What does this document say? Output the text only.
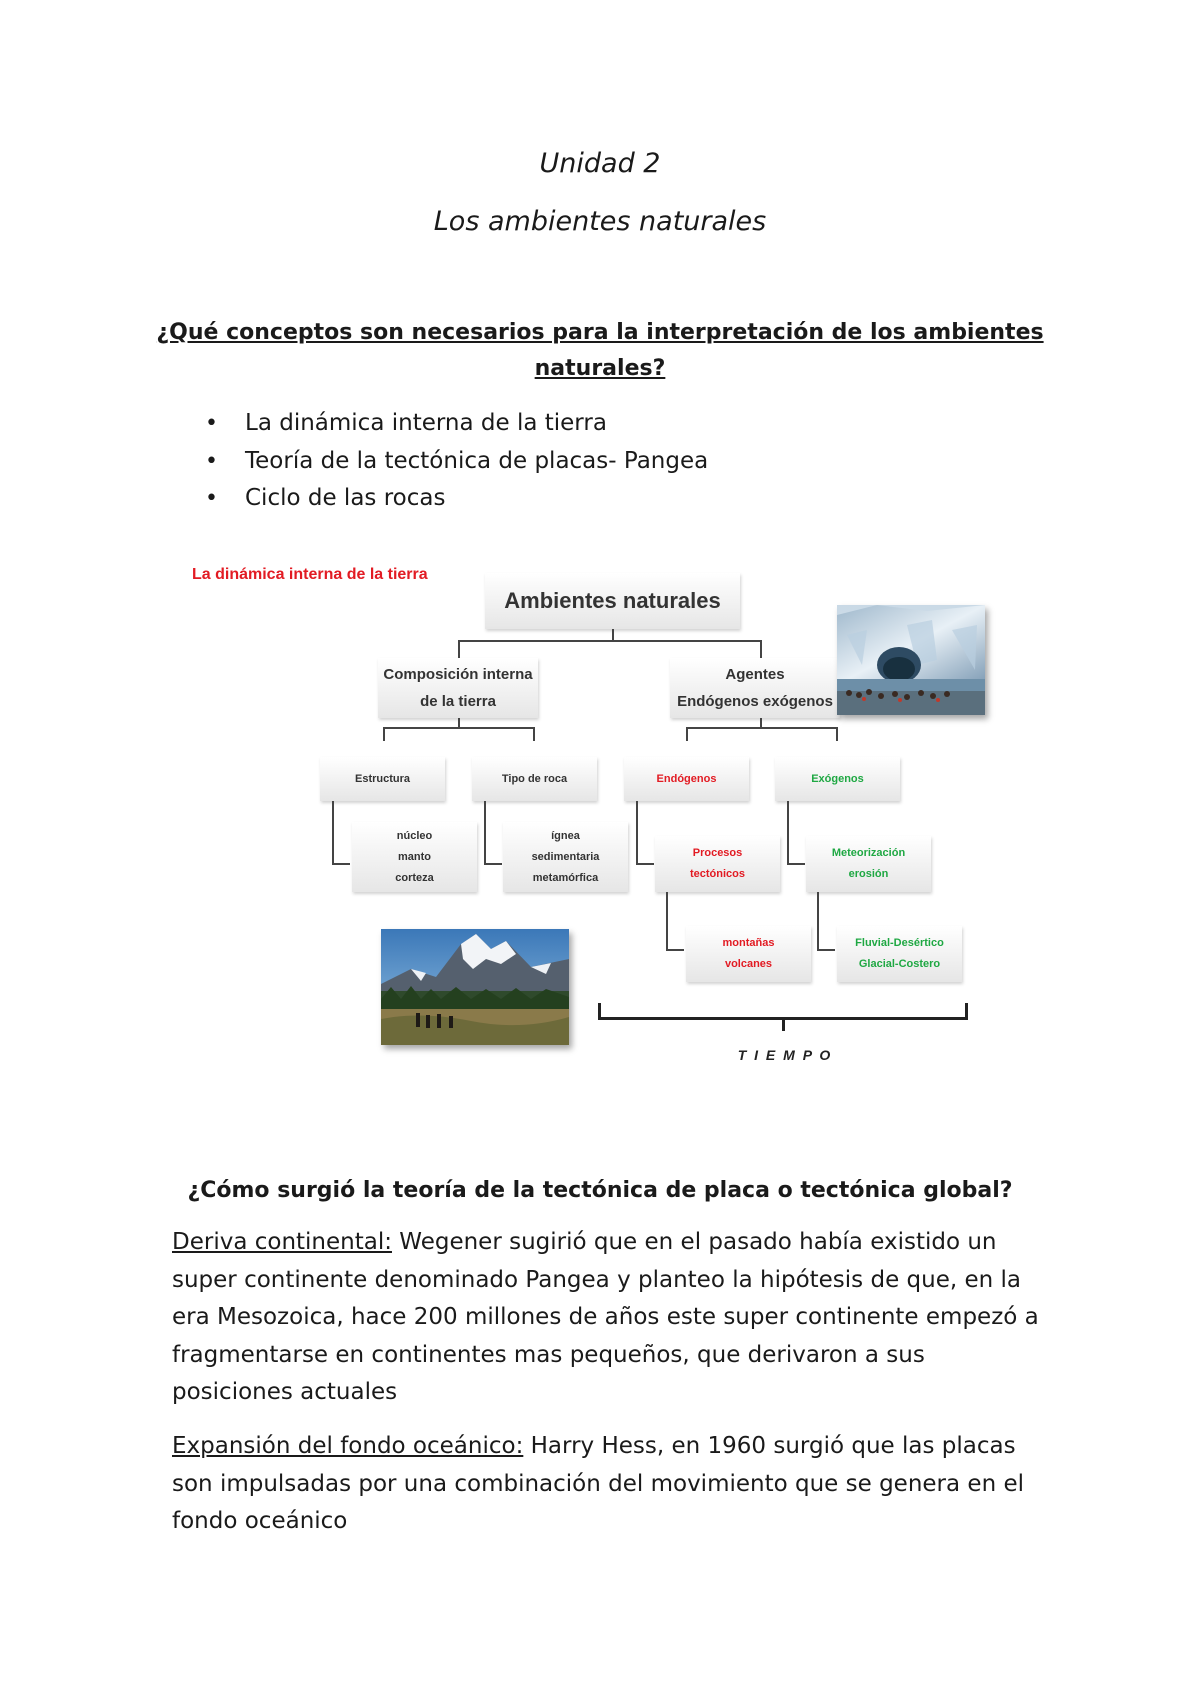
Unidad 2
Los ambientes naturales
¿Qué conceptos son necesarios para la interpretación de los ambientes
naturales?
• La dinámica interna de la tierra
• Teoría de la tectónica de placas- Pangea
• Ciclo de las rocas
La dinámica interna de la tierra
Ambientes naturales
Composición interna
de la tierra
Agentes
Endógenos exógenos
Estructura	Tipo de roca	Endógenos	Exógenos
núcleo
manto
corteza
ígnea
sedimentaria
metamórfica
Procesos
tectónicos
Meteorización
erosión
montañas
volcanes
Fluvial-Desértico
Glacial-Costero
T I E M P O
¿Cómo surgió la teoría de la tectónica de placa o tectónica global?
Deriva continental: Wegener sugirió que en el pasado había existido un super continente denominado Pangea y planteo la hipótesis de que, en la era Mesozoica, hace 200 millones de años este super continente empezó a fragmentarse en continentes mas pequeños, que derivaron a sus posiciones actuales
Expansión del fondo oceánico: Harry Hess, en 1960 surgió que las placas son impulsadas por una combinación del movimiento que se genera en el fondo oceánico
